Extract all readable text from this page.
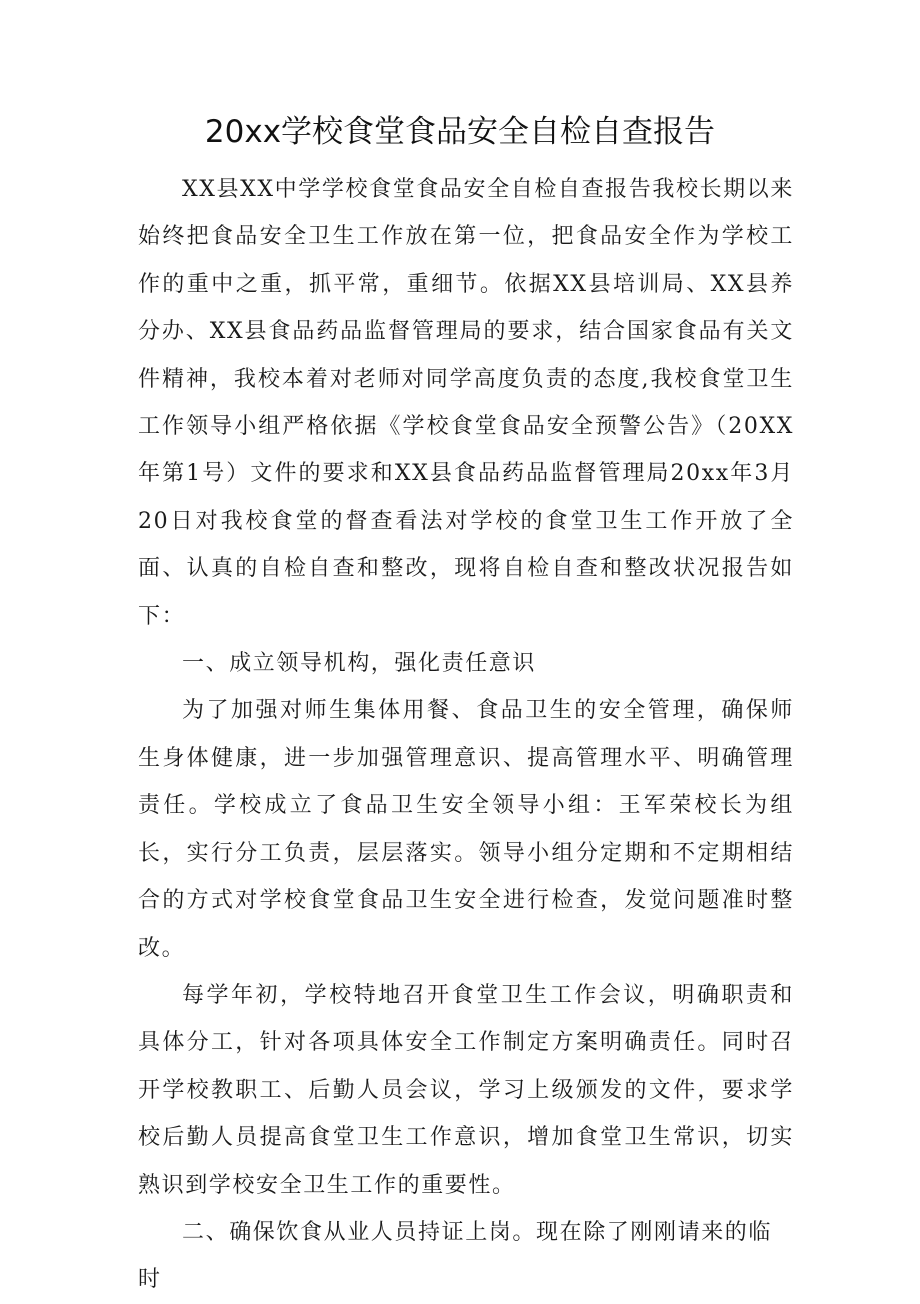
20xx学校食堂食品安全自检自查报告

XX县XX中学学校食堂食品安全自检自查报告我校长期以来始终把食品安全卫生工作放在第一位，把食品安全作为学校工作的重中之重，抓平常，重细节。依据XX县培训局、XX县养分办、XX县食品药品监督管理局的要求，结合国家食品有关文件精神，我校本着对老师对同学高度负责的态度,我校食堂卫生工作领导小组严格依据《学校食堂食品安全预警公告》（20XX年第1号）文件的要求和XX县食品药品监督管理局20xx年3月20日对我校食堂的督查看法对学校的食堂卫生工作开放了全面、认真的自检自查和整改，现将自检自查和整改状况报告如下：

一、成立领导机构，强化责任意识

为了加强对师生集体用餐、食品卫生的安全管理，确保师生身体健康，进一步加强管理意识、提高管理水平、明确管理责任。学校成立了食品卫生安全领导小组：王军荣校长为组长，实行分工负责，层层落实。领导小组分定期和不定期相结合的方式对学校食堂食品卫生安全进行检查，发觉问题准时整改。

每学年初，学校特地召开食堂卫生工作会议，明确职责和具体分工，针对各项具体安全工作制定方案明确责任。同时召开学校教职工、后勤人员会议，学习上级颁发的文件，要求学校后勤人员提高食堂卫生工作意识，增加食堂卫生常识，切实熟识到学校安全卫生工作的重要性。

二、确保饮食从业人员持证上岗。现在除了刚刚请来的临时
